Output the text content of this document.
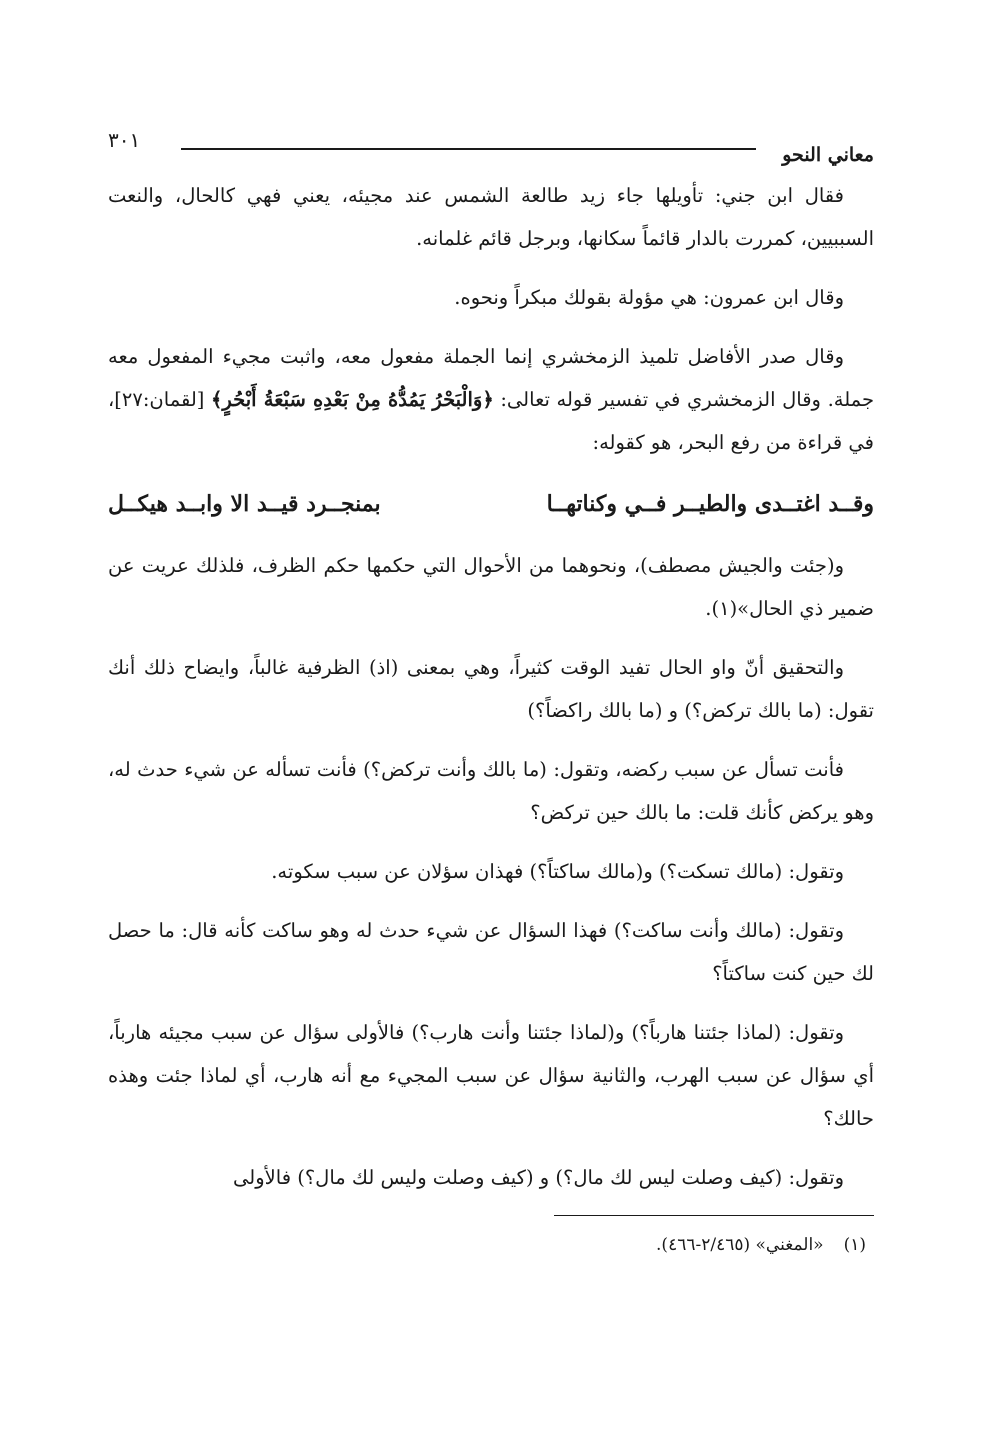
معاني النحو
٣٠١

فقال ابن جني: تأويلها جاء زيد طالعة الشمس عند مجيئه، يعني فهي كالحال، والنعت السببيين، كمررت بالدار قائماً سكانها، وبرجل قائم غلمانه.

وقال ابن عمرون: هي مؤولة بقولك مبكراً ونحوه.

وقال صدر الأفاضل تلميذ الزمخشري إنما الجملة مفعول معه، واثبت مجيء المفعول معه جملة. وقال الزمخشري في تفسير قوله تعالى: ﴿وَالْبَحْرُ يَمُدُّهُ مِنْ بَعْدِهِ سَبْعَةُ أَبْحُرٍ﴾ [لقمان:٢٧]، في قراءة من رفع البحر، هو كقوله:

وقــد اغتــدى والطيــر فــي وكناتهــا
بمنجــرد قيــد الا وابــد هيكــل

و(جئت والجيش مصطف)، ونحوهما من الأحوال التي حكمها حكم الظرف، فلذلك عريت عن ضمير ذي الحال»(١).

والتحقيق أنّ واو الحال تفيد الوقت كثيراً، وهي بمعنى (اذ) الظرفية غالباً، وايضاح ذلك أنك تقول: (ما بالك تركض؟) و (ما بالك راكضاً؟)

فأنت تسأل عن سبب ركضه، وتقول: (ما بالك وأنت تركض؟) فأنت تسأله عن شيء حدث له، وهو يركض كأنك قلت: ما بالك حين تركض؟

وتقول: (مالك تسكت؟) و(مالك ساكتاً؟) فهذان سؤلان عن سبب سكوته.

وتقول: (مالك وأنت ساكت؟) فهذا السؤال عن شيء حدث له وهو ساكت كأنه قال: ما حصل لك حين كنت ساكتاً؟

وتقول: (لماذا جئتنا هارباً؟) و(لماذا جئتنا وأنت هارب؟) فالأولى سؤال عن سبب مجيئه هارباً، أي سؤال عن سبب الهرب، والثانية سؤال عن سبب المجيء مع أنه هارب، أي لماذا جئت وهذه حالك؟

وتقول: (كيف وصلت ليس لك مال؟) و (كيف وصلت وليس لك مال؟) فالأولى

(١)«المغني» (٢/٤٦٥-٤٦٦).
